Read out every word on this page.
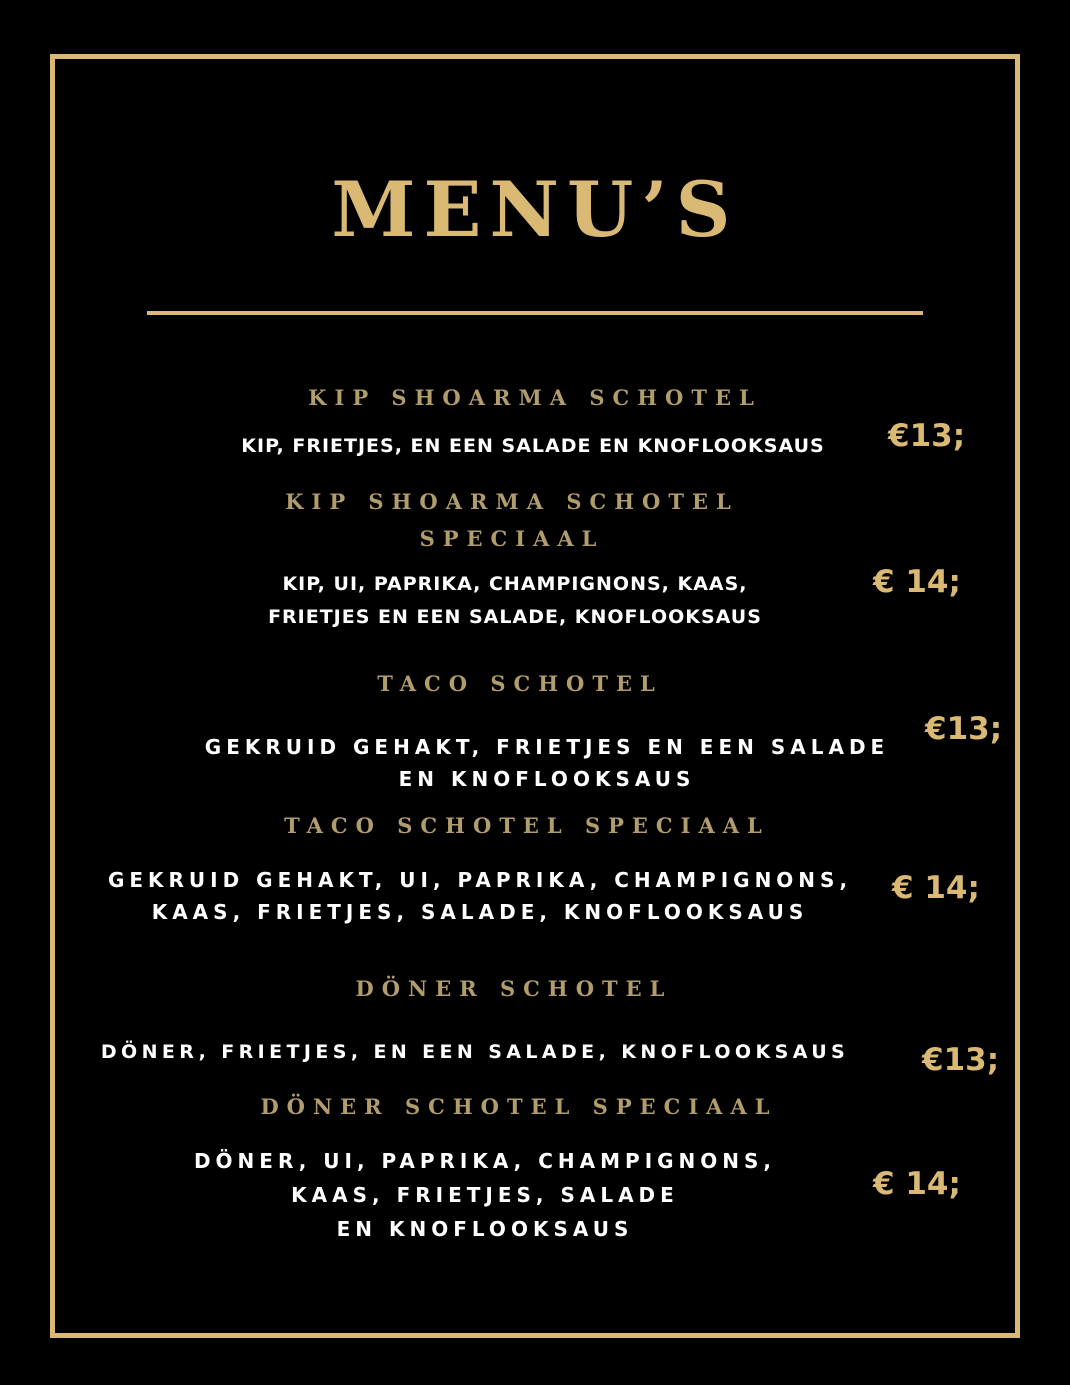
MENU’S
KIP SHOARMA SCHOTEL
KIP, FRIETJES, EN EEN SALADE EN KNOFLOOKSAUS	€13;
KIP SHOARMA SCHOTEL
SPECIAAL
KIP, UI, PAPRIKA, CHAMPIGNONS, KAAS,
FRIETJES EN EEN SALADE, KNOFLOOKSAUS
€ 14;
TACO SCHOTEL
GEKRUID GEHAKT, FRIETJES EN EEN SALADE
EN KNOFLOOKSAUS
€13;
TACO SCHOTEL SPECIAAL
GEKRUID GEHAKT, UI, PAPRIKA, CHAMPIGNONS,
KAAS, FRIETJES, SALADE, KNOFLOOKSAUS
€ 14;
DÖNER SCHOTEL
DÖNER, FRIETJES, EN EEN SALADE, KNOFLOOKSAUS	€13;
DÖNER SCHOTEL SPECIAAL
DÖNER, UI, PAPRIKA, CHAMPIGNONS,
KAAS, FRIETJES, SALADE
EN KNOFLOOKSAUS
€ 14;
